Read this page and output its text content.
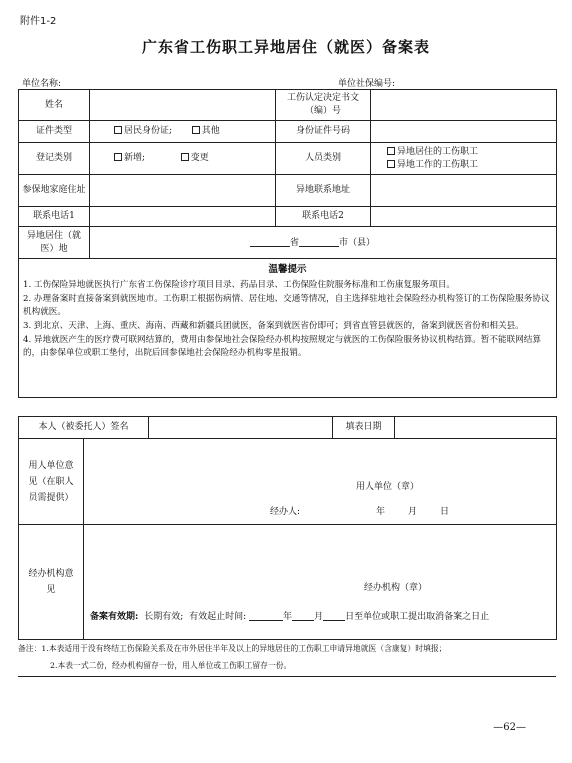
附件1-2
广东省工伤职工异地居住（就医）备案表
单位名称:	单位社保编号:
姓名		工伤认定决定书文（编）号	
证件类型	居民身份证; 其他	身份证件号码	
登记类别	新增; 变更	人员类别	异地居住的工伤职工
异地工作的工伤职工

参保地家庭住址		异地联系地址	
联系电话1		联系电话2	
异地居住（就医）地	省 市（县）		

温馨提示

1. 工伤保险异地就医执行广东省工伤保险诊疗项目目录、药品目录、工伤保险住院服务标准和工伤康复服务项目。

2. 办理备案时直接备案到就医地市。工伤职工根据伤病情、居住地、交通等情况，自主选择驻地社会保险经办机构签订的工伤保险服务协议机构就医。

3. 到北京、天津、上海、重庆、海南、西藏和新疆兵团就医，备案到就医省份即可；到省直管县就医的，备案到就医省份和相关县。

4. 异地就医产生的医疗费可联网结算的，费用由参保地社会保险经办机构按照规定与就医的工伤保险服务协议机构结算。暂不能联网结算的，由参保单位或职工垫付，出院后回参保地社会保险经办机构零星报销。			

本人（被委托人）签名		填表日期	
用人单位意见（在职人员需提供）	用人单位（章）
经办人: 年 月 日

经办机构意见	经办机构（章）
备案有效期: 长期有效; 有效起止时间: 年 月 日至单位或职工提出取消备案之日止
备注：1.本表适用于没有终结工伤保险关系及在市外居住半年及以上的异地居住的工伤职工申请异地就医（含康复）时填报；
2.本表一式二份，经办机构留存一份，用人单位或工伤职工留存一份。
—62—
